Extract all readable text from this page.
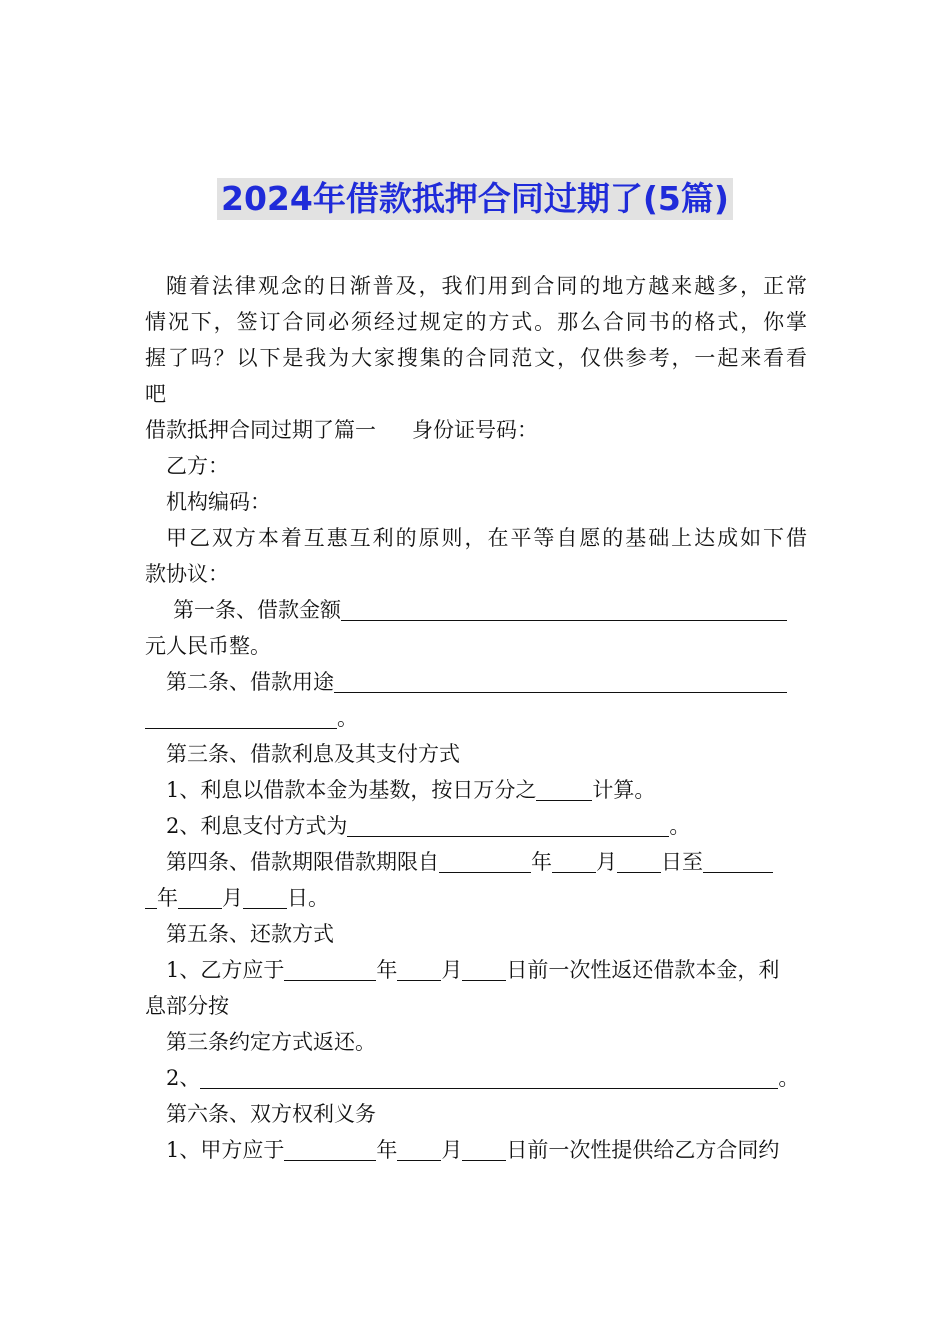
2024年借款抵押合同过期了(5篇)
随着法律观念的日渐普及，我们用到合同的地方越来越多，正常
情况下，签订合同必须经过规定的方式。那么合同书的格式，你掌
握了吗？以下是我为大家搜集的合同范文，仅供参考，一起来看看
吧
借款抵押合同过期了篇一 身份证号码：
乙方：
机构编码：
甲乙双方本着互惠互利的原则，在平等自愿的基础上达成如下借
款协议：
第一条、借款金额
元人民币整。
第二条、借款用途
。
第三条、借款利息及其支付方式
1、利息以借款本金为基数，按日万分之	计算。
2、利息支付方式为	。
第四条、借款期限借款期限自	年 月 日至
年 月 日。
第五条、还款方式
1、乙方应于	年 月 日前一次性返还借款本金，利
息部分按
第三条约定方式返还。
2、	。
第六条、双方权利义务
1、甲方应于	年 月 日前一次性提供给乙方合同约
